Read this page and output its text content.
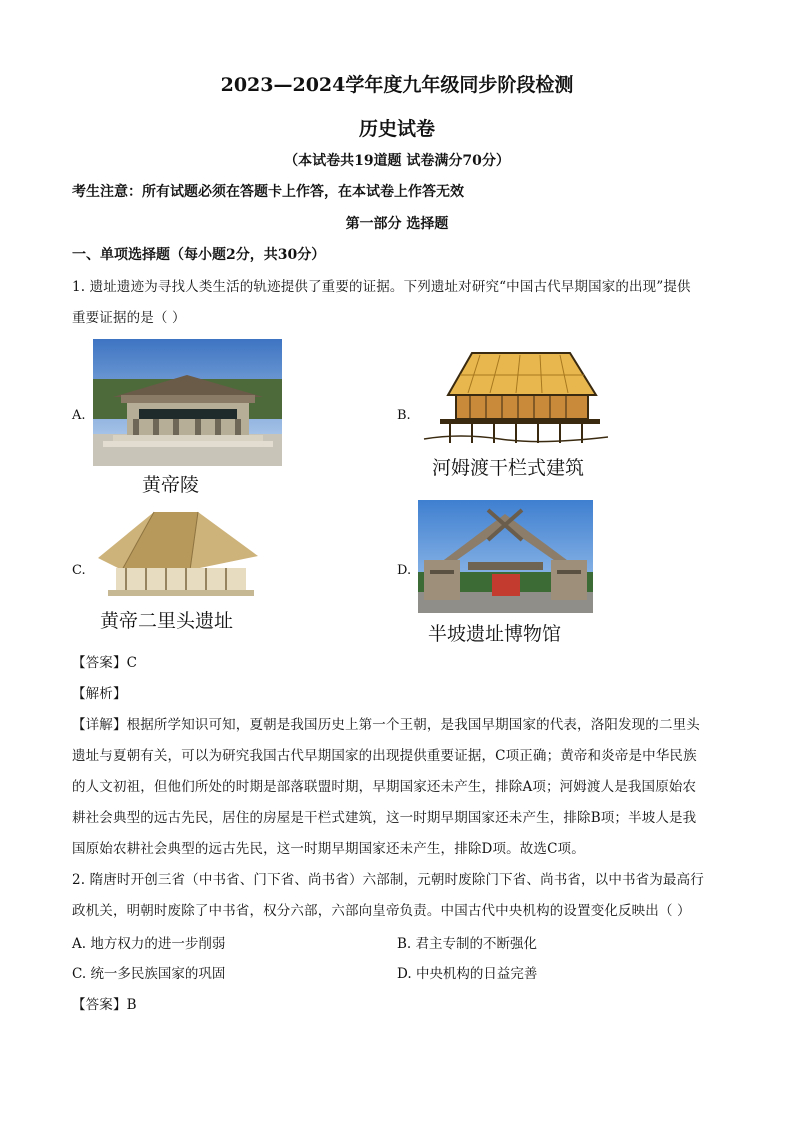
2023—2024学年度九年级同步阶段检测
历史试卷
（本试卷共19道题 试卷满分70分）
考生注意：所有试题必须在答题卡上作答，在本试卷上作答无效
第一部分 选择题
一、单项选择题（每小题2分，共30分）
1. 遗址遗迹为寻找人类生活的轨迹提供了重要的证据。下列遗址对研究“中国古代早期国家的出现”提供
重要证据的是（ ）
A.
黄帝陵
B.
河姆渡干栏式建筑
C.
黄帝二里头遗址
D.
半坡遗址博物馆
【答案】C
【解析】
【详解】根据所学知识可知，夏朝是我国历史上第一个王朝，是我国早期国家的代表，洛阳发现的二里头
遗址与夏朝有关，可以为研究我国古代早期国家的出现提供重要证据，C项正确；黄帝和炎帝是中华民族
的人文初祖，但他们所处的时期是部落联盟时期，早期国家还未产生，排除A项；河姆渡人是我国原始农
耕社会典型的远古先民，居住的房屋是干栏式建筑，这一时期早期国家还未产生，排除B项；半坡人是我
国原始农耕社会典型的远古先民，这一时期早期国家还未产生，排除D项。故选C项。
2. 隋唐时开创三省（中书省、门下省、尚书省）六部制，元朝时废除门下省、尚书省，以中书省为最高行
政机关，明朝时废除了中书省，权分六部，六部向皇帝负责。中国古代中央机构的设置变化反映出（ ）
A. 地方权力的进一步削弱	B. 君主专制的不断强化
C. 统一多民族国家的巩固	D. 中央机构的日益完善
【答案】B
